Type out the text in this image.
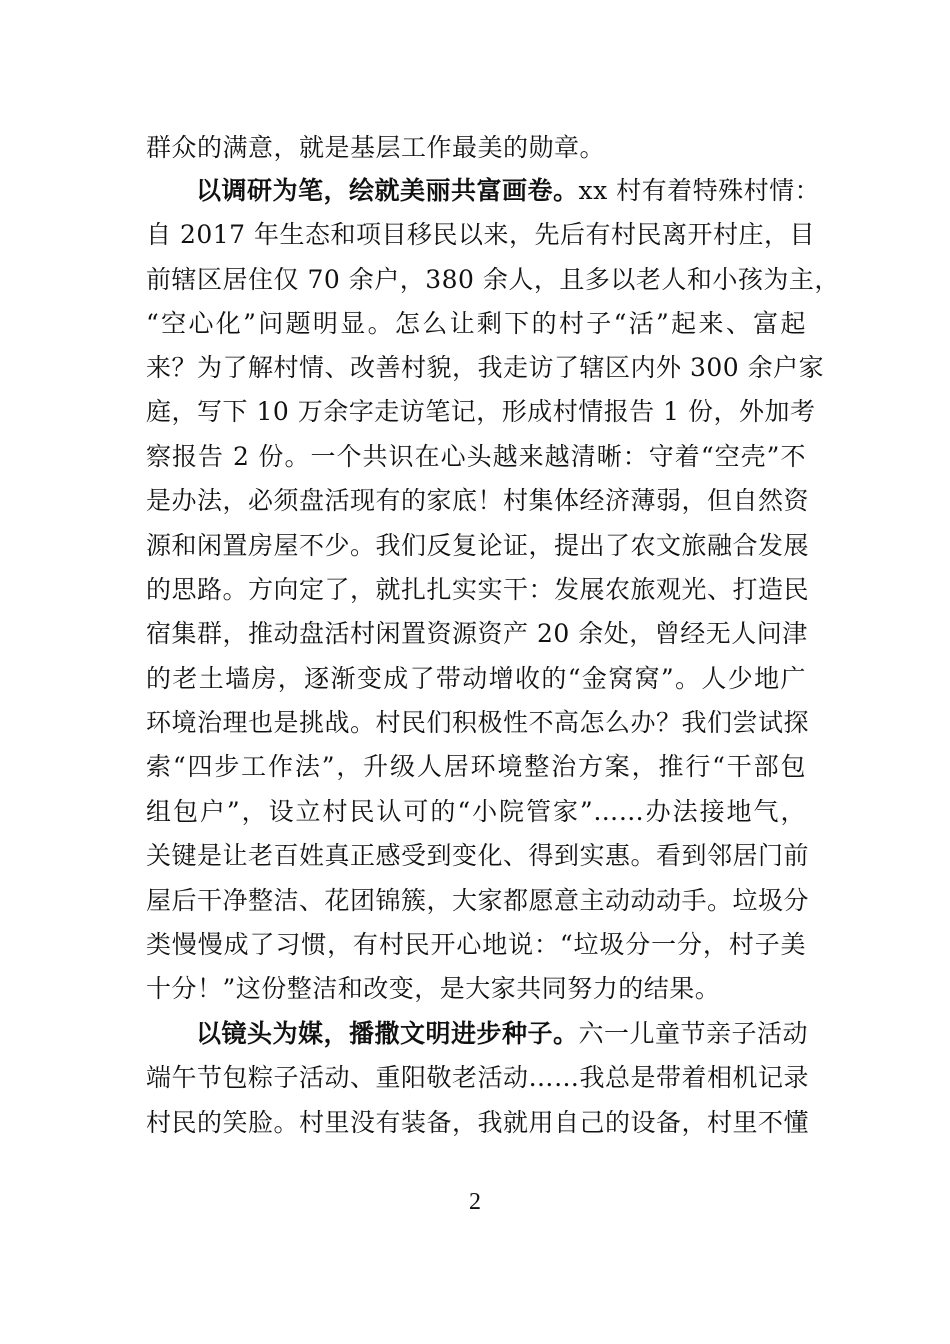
群众的满意，就是基层工作最美的勋章。
以调研为笔，绘就美丽共富画卷。xx 村有着特殊村情：
自 2017 年生态和项目移民以来，先后有村民离开村庄，目
前辖区居住仅 70 余户，380 余人，且多以老人和小孩为主，
“空心化”问题明显。怎么让剩下的村子“活”起来、富起
来？为了解村情、改善村貌，我走访了辖区内外 300 余户家
庭，写下 10 万余字走访笔记，形成村情报告 1 份，外加考
察报告 2 份。一个共识在心头越来越清晰：守着“空壳”不
是办法，必须盘活现有的家底！村集体经济薄弱，但自然资
源和闲置房屋不少。我们反复论证，提出了农文旅融合发展
的思路。方向定了，就扎扎实实干：发展农旅观光、打造民
宿集群，推动盘活村闲置资源资产 20 余处，曾经无人问津
的老土墙房，逐渐变成了带动增收的“金窝窝”。人少地广
环境治理也是挑战。村民们积极性不高怎么办？我们尝试探
索“四步工作法”，升级人居环境整治方案，推行“干部包
组包户”，设立村民认可的“小院管家”……办法接地气，
关键是让老百姓真正感受到变化、得到实惠。看到邻居门前
屋后干净整洁、花团锦簇，大家都愿意主动动动手。垃圾分
类慢慢成了习惯，有村民开心地说：“垃圾分一分，村子美
十分！”这份整洁和改变，是大家共同努力的结果。
以镜头为媒，播撒文明进步种子。六一儿童节亲子活动
端午节包粽子活动、重阳敬老活动……我总是带着相机记录
村民的笑脸。村里没有装备，我就用自己的设备，村里不懂
2
